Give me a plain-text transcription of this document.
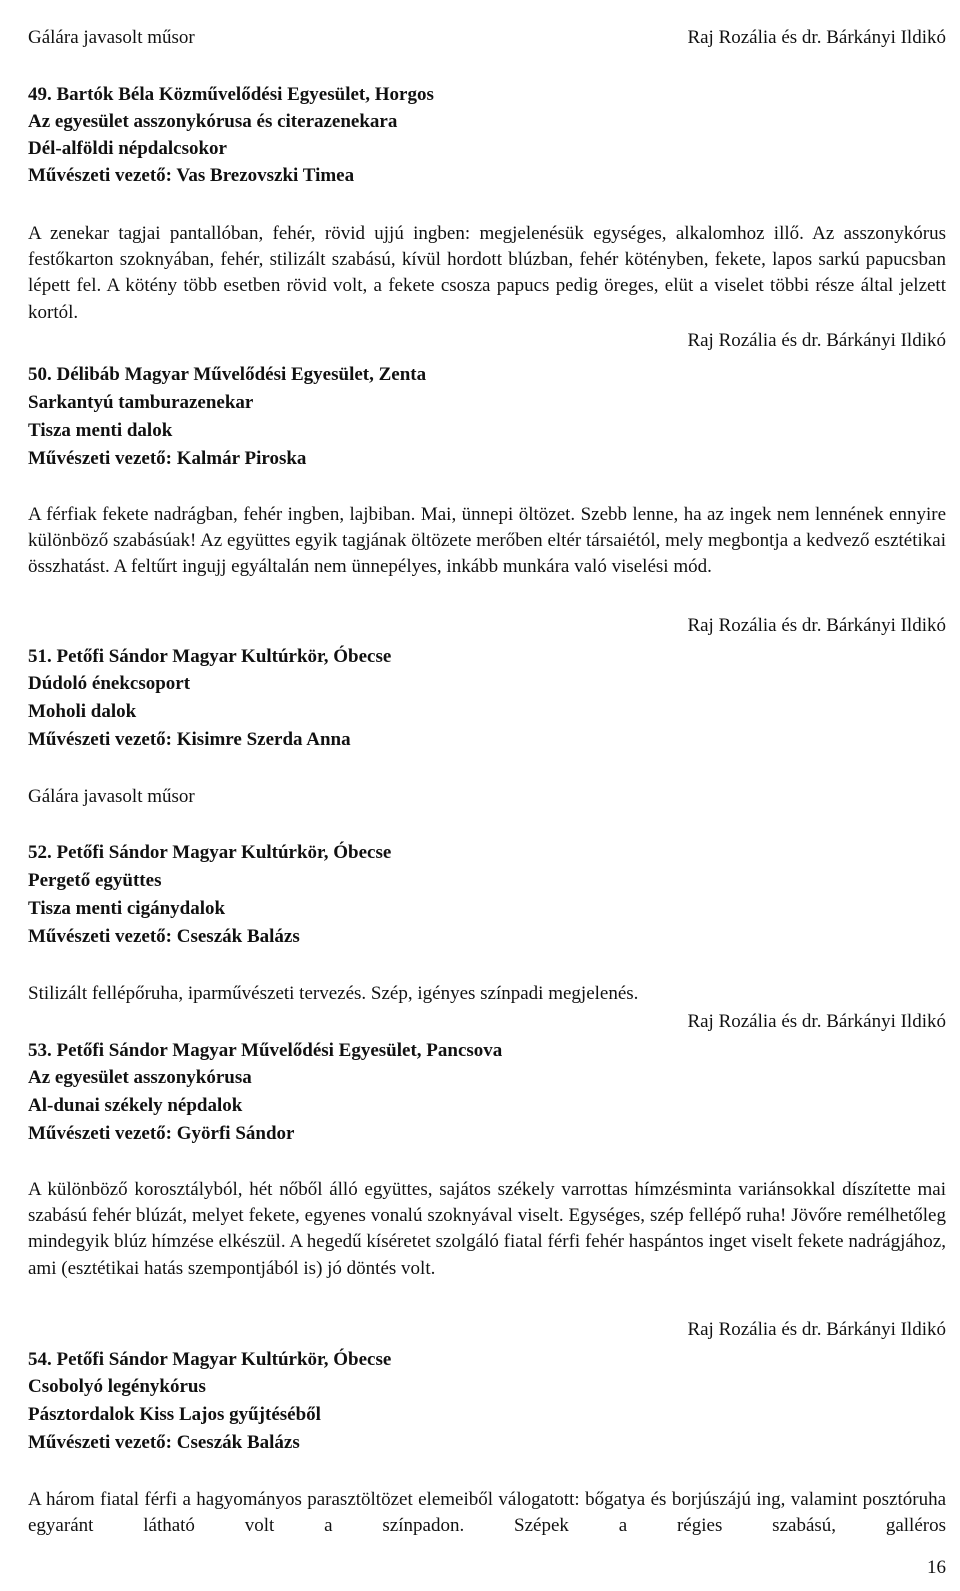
Gálára javasolt műsor	Raj Rozália és dr. Bárkányi Ildikó
49. Bartók Béla Közművelődési Egyesület, Horgos
Az egyesület asszonykórusa és citerazenekara
Dél-alföldi népdalcsokor
Művészeti vezető: Vas Brezovszki Timea
A zenekar tagjai pantallóban, fehér, rövid ujjú ingben: megjelenésük egységes, alkalomhoz illő. Az asszonykórus festőkarton szoknyában, fehér, stilizált szabású, kívül hordott blúzban, fehér kötényben, fekete, lapos sarkú papucsban lépett fel. A kötény több esetben rövid volt, a fekete csosza papucs pedig öreges, elüt a viselet többi része által jelzett kortól.
Raj Rozália és dr. Bárkányi Ildikó
50. Délibáb Magyar Művelődési Egyesület, Zenta
Sarkantyú tamburazenekar
Tisza menti dalok
Művészeti vezető: Kalmár Piroska
A férfiak fekete nadrágban, fehér ingben, lajbiban. Mai, ünnepi öltözet. Szebb lenne, ha az ingek nem lennének ennyire különböző szabásúak! Az együttes egyik tagjának öltözete merőben eltér társaiétól, mely megbontja a kedvező esztétikai összhatást. A feltűrt ingujj egyáltalán nem ünnepélyes, inkább munkára való viselési mód.
Raj Rozália és dr. Bárkányi Ildikó
51. Petőfi Sándor Magyar Kultúrkör, Óbecse
Dúdoló énekcsoport
Moholi dalok
Művészeti vezető: Kisimre Szerda Anna
Gálára javasolt műsor
52. Petőfi Sándor Magyar Kultúrkör, Óbecse
Pergető együttes
Tisza menti cigánydalok
Művészeti vezető: Cseszák Balázs
Stilizált fellépőruha, iparművészeti tervezés. Szép, igényes színpadi megjelenés.
Raj Rozália és dr. Bárkányi Ildikó
53. Petőfi Sándor Magyar Művelődési Egyesület, Pancsova
Az egyesület asszonykórusa
Al-dunai székely népdalok
Művészeti vezető: Györfi Sándor
A különböző korosztályból, hét nőből álló együttes, sajátos székely varrottas hímzésminta variánsokkal díszítette mai szabású fehér blúzát, melyet fekete, egyenes vonalú szoknyával viselt. Egységes, szép fellépő ruha! Jövőre remélhetőleg mindegyik blúz hímzése elkészül. A hegedű kíséretet szolgáló fiatal férfi fehér haspántos inget viselt fekete nadrágjához, ami (esztétikai hatás szempontjából is) jó döntés volt.
Raj Rozália és dr. Bárkányi Ildikó
54. Petőfi Sándor Magyar Kultúrkör, Óbecse
Csobolyó legénykórus
Pásztordalok Kiss Lajos gyűjtéséből
Művészeti vezető: Cseszák Balázs
A három fiatal férfi a hagyományos parasztöltözet elemeiből válogatott: bőgatya és borjúszájú ing, valamint posztóruha egyaránt látható volt a színpadon. Szépek a régies szabású, galléros
16
